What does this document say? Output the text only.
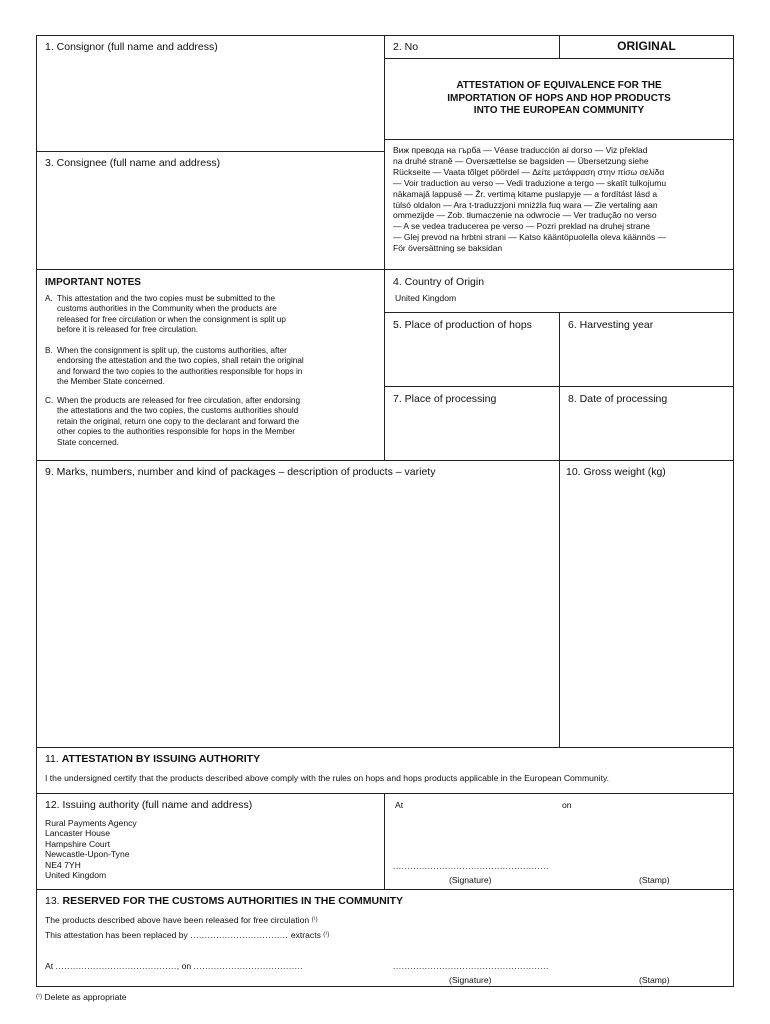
1. Consignor (full name and address)	2. No	ORIGINAL
ATTESTATION OF EQUIVALENCE FOR THE
IMPORTATION OF HOPS AND HOP PRODUCTS
INTO THE EUROPEAN COMMUNITY
Виж превода на гърба — Véase traducción al dorso — Viz překlad
na druhé straně — Oversættelse se bagsiden — Übersetzung siehe
Rückseite — Vaata tõlget pöördel — Δείτε μετάφραση στην πίσω σελίδα
— Voir traduction au verso — Vedi traduzione a tergo — skatīt tulkojumu
nākamajā lappusē — Žr. vertimą kitame puslapyje — a fordítást lásd a
túlsó oldalon — Ara t-traduzzjoni mniżżla fuq wara — Zie vertaling aan
ommezijde — Zob. tłumaczenie na odwrocie — Ver tradução no verso
— A se vedea traducerea pe verso — Pozri preklad na druhej strane
— Glej prevod na hrbtni strani — Katso kääntöpuolella oleva käännös —
För översättning se baksidan
3. Consignee (full name and address)
IMPORTANT NOTES
A. This attestation and the two copies must be submitted to the
customs authorities in the Community when the products are
released for free circulation or when the consignment is split up
before it is released for free circulation.
B. When the consignment is split up, the customs authorities, after
endorsing the attestation and the two copies, shall retain the original
and forward the two copies to the authorities responsible for hops in
the Member State concerned.
C. When the products are released for free circulation, after endorsing
the attestations and the two copies, the customs authorities should
retain the original, return one copy to the declarant and forward the
other copies to the authorities responsible for hops in the Member
State concerned.
4. Country of Origin
United Kingdom
5. Place of production of hops	6. Harvesting year
7. Place of processing	8. Date of processing
9. Marks, numbers, number and kind of packages – description of products – variety	10. Gross weight (kg)
11. ATTESTATION BY ISSUING AUTHORITY
I the undersigned certify that the products described above comply with the rules on hops and hops products applicable in the European Community.
12. Issuing authority (full name and address)
Rural Payments Agency
Lancaster House
Hampshire Court
Newcastle-Upon-Tyne
NE4 7YH
United Kingdom
At	on
......................................................
(Signature)	(Stamp)
13. RESERVED FOR THE CUSTOMS AUTHORITIES IN THE COMMUNITY
The products described above have been released for free circulation $^{(^1)}$
This attestation has been replaced by .................................. extracts $^{(^1)}$
At .........................................., on ......................................	......................................................
(Signature)	(Stamp)
$^{(^1)}$ Delete as appropriate
